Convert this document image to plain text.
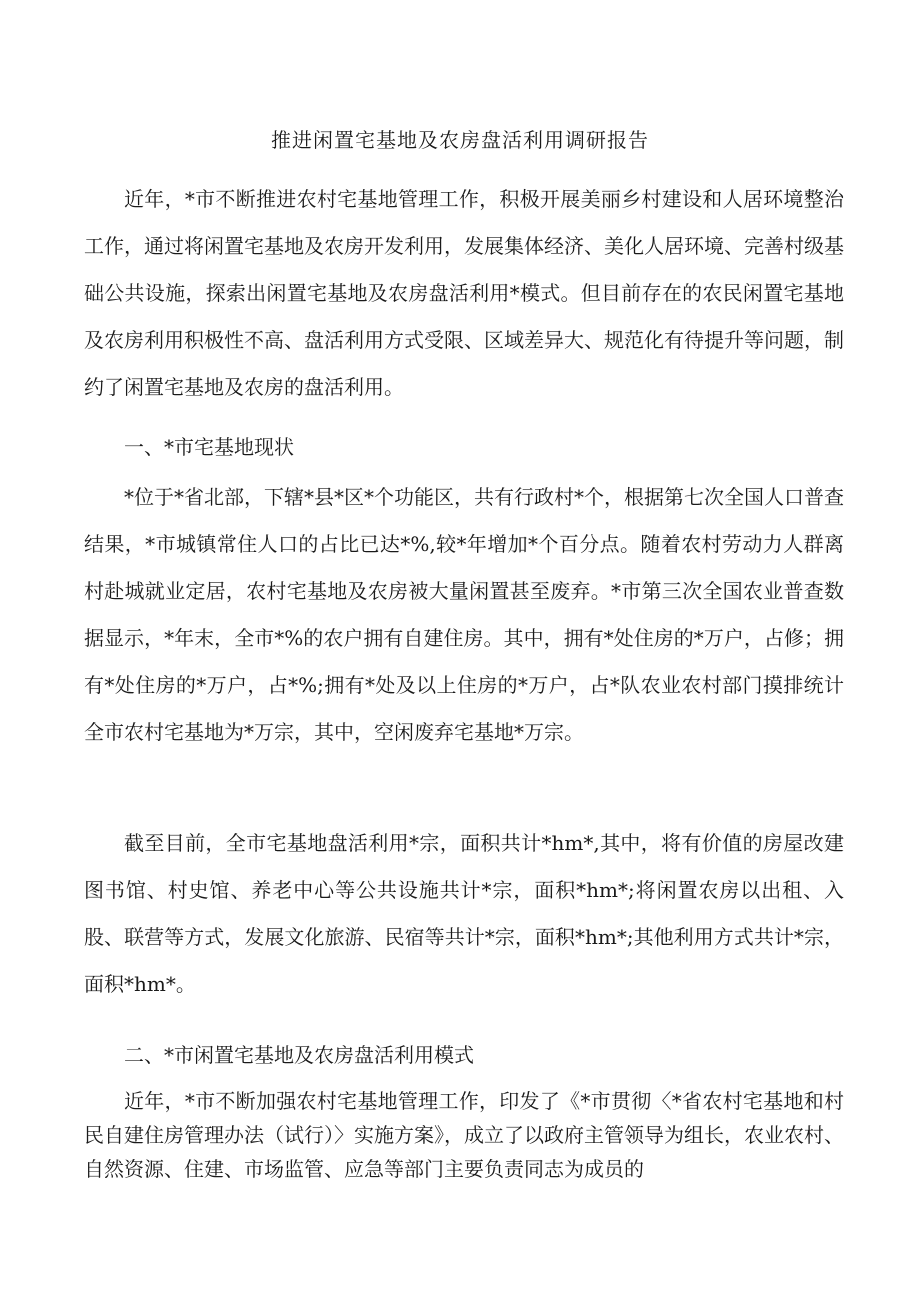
推进闲置宅基地及农房盘活利用调研报告

近年，*市不断推进农村宅基地管理工作，积极开展美丽乡村建设和人居环境整治工作，通过将闲置宅基地及农房开发利用，发展集体经济、美化人居环境、完善村级基础公共设施，探索出闲置宅基地及农房盘活利用*模式。但目前存在的农民闲置宅基地及农房利用积极性不高、盘活利用方式受限、区域差异大、规范化有待提升等问题，制约了闲置宅基地及农房的盘活利用。

一、*市宅基地现状

*位于*省北部，下辖*县*区*个功能区，共有行政村*个，根据第七次全国人口普查结果，*市城镇常住人口的占比已达*%,较*年增加*个百分点。随着农村劳动力人群离村赴城就业定居，农村宅基地及农房被大量闲置甚至废弃。*市第三次全国农业普查数据显示，*年末，全市*%的农户拥有自建住房。其中，拥有*处住房的*万户，占修；拥有*处住房的*万户，占*%;拥有*处及以上住房的*万户，占*队农业农村部门摸排统计全市农村宅基地为*万宗，其中，空闲废弃宅基地*万宗。

截至目前，全市宅基地盘活利用*宗，面积共计*hm*,其中，将有价值的房屋改建图书馆、村史馆、养老中心等公共设施共计*宗，面积*hm*;将闲置农房以出租、入股、联营等方式，发展文化旅游、民宿等共计*宗，面积*hm*;其他利用方式共计*宗，面积*hm*。

二、*市闲置宅基地及农房盘活利用模式

近年，*市不断加强农村宅基地管理工作，印发了《*市贯彻〈*省农村宅基地和村民自建住房管理办法（试行）〉实施方案》，成立了以政府主管领导为组长，农业农村、自然资源、住建、市场监管、应急等部门主要负责同志为成员的
